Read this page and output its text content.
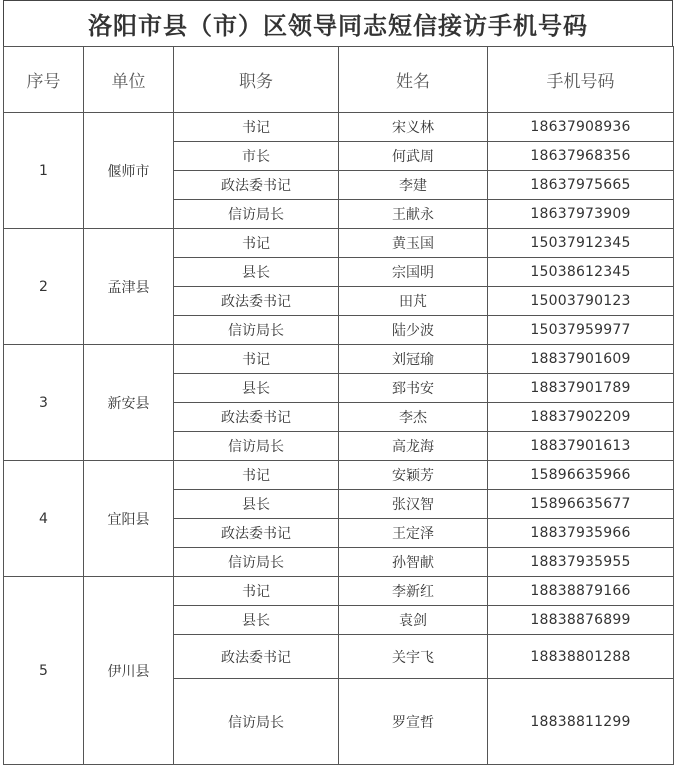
洛阳市县（市）区领导同志短信接访手机号码
序号	单位	职务	姓名	手机号码
1	偃师市	书记	宋义林	18637908936
		市长	何武周	18637968356
		政法委书记	李建	18637975665
		信访局长	王献永	18637973909
2	孟津县	书记	黄玉国	15037912345
		县长	宗国明	15038612345
		政法委书记	田芃	15003790123
		信访局长	陆少波	15037959977
3	新安县	书记	刘冠瑜	18837901609
		县长	郅书安	18837901789
		政法委书记	李杰	18837902209
		信访局长	高龙海	18837901613
4	宜阳县	书记	安颖芳	15896635966
		县长	张汉智	15896635677
		政法委书记	王定泽	18837935966
		信访局长	孙智献	18837935955
5	伊川县	书记	李新红	18838879166
		县长	袁剑	18838876899
		政法委书记	关宇飞	18838801288
		信访局长	罗宣哲	18838811299
